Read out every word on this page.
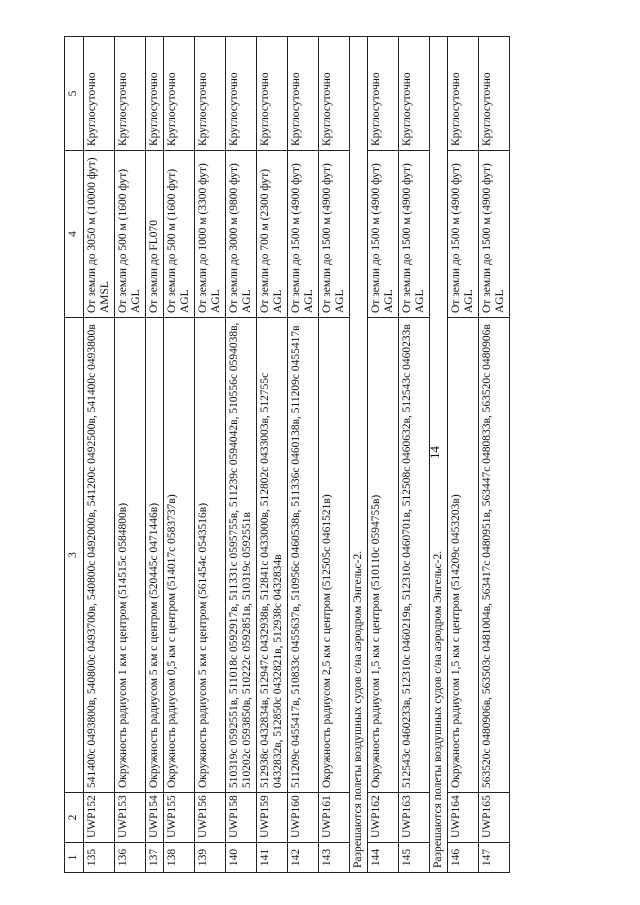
14
1	2	3	4	5
135	UWP152	541400с 0493800в, 540800с 0493700в, 540800с 0492000в, 541200с 0492500в, 541400с 0493800в	От земли до 3050 м (10000 фут) AMSL	Круглосуточно
136	UWP153	Окружность радиусом 1 км с центром (514515с 0584800в)	От земли до 500 м (1600 фут) AGL	Круглосуточно
137	UWP154	Окружность радиусом 5 км с центром (520445с 0471446в)	От земли до FL070	Круглосуточно
138	UWP155	Окружность радиусом 0,5 км с центром (514017с 0583737в)	От земли до 500 м (1600 фут) AGL	Круглосуточно
139	UWP156	Окружность радиусом 5 км с центром (561454с 0543516в)	От земли до 1000 м (3300 фут) AGL	Круглосуточно
140	UWP158	510319с 0592551в, 511018с 0592917в, 511331с 0595755в, 511239с 0594042в, 510556с 0594038в, 510202с 0593850в, 510222с 0592851в, 510319с 0592551в	От земли до 3000 м (9800 фут) AGL	Круглосуточно
141	UWP159	512938с 0432834в, 512947с 0432938в, 512841с 0433000в, 512802с 0433003в, 512755с 0432832в, 512850с 0432821в, 512938с 0432834в	От земли до 700 м (2300 фут) AGL	Круглосуточно
142	UWP160	511209с 0455417в, 510833с 0455637в, 510956с 0460538в, 511336с 0460138в, 511209с 0455417в	От земли до 1500 м (4900 фут) AGL	Круглосуточно
143	UWP161	Окружность радиусом 2,5 км с центром (512505с 0461521в)	От земли до 1500 м (4900 фут) AGL	Круглосуточно
Разрешаются полеты воздушных судов с/на аэродром Энгельс-2.				
144	UWP162	Окружность радиусом 1,5 км с центром (510110с 0594755в)	От земли до 1500 м (4900 фут) AGL	Круглосуточно
145	UWP163	512543с 0460233в, 512310с 0460219в, 512310с 0460701в, 512508с 0460632в, 512543с 0460233в	От земли до 1500 м (4900 фут) AGL	Круглосуточно
Разрешаются полеты воздушных судов с/на аэродром Энгельс-2.				
146	UWP164	Окружность радиусом 1,5 км с центром (514209с 0453203в)	От земли до 1500 м (4900 фут) AGL	Круглосуточно
147	UWP165	563520с 0480906в, 563503с 0481004в, 563417с 0480951в, 563447с 0480833в, 563520с 0480906в	От земли до 1500 м (4900 фут) AGL	Круглосуточно
